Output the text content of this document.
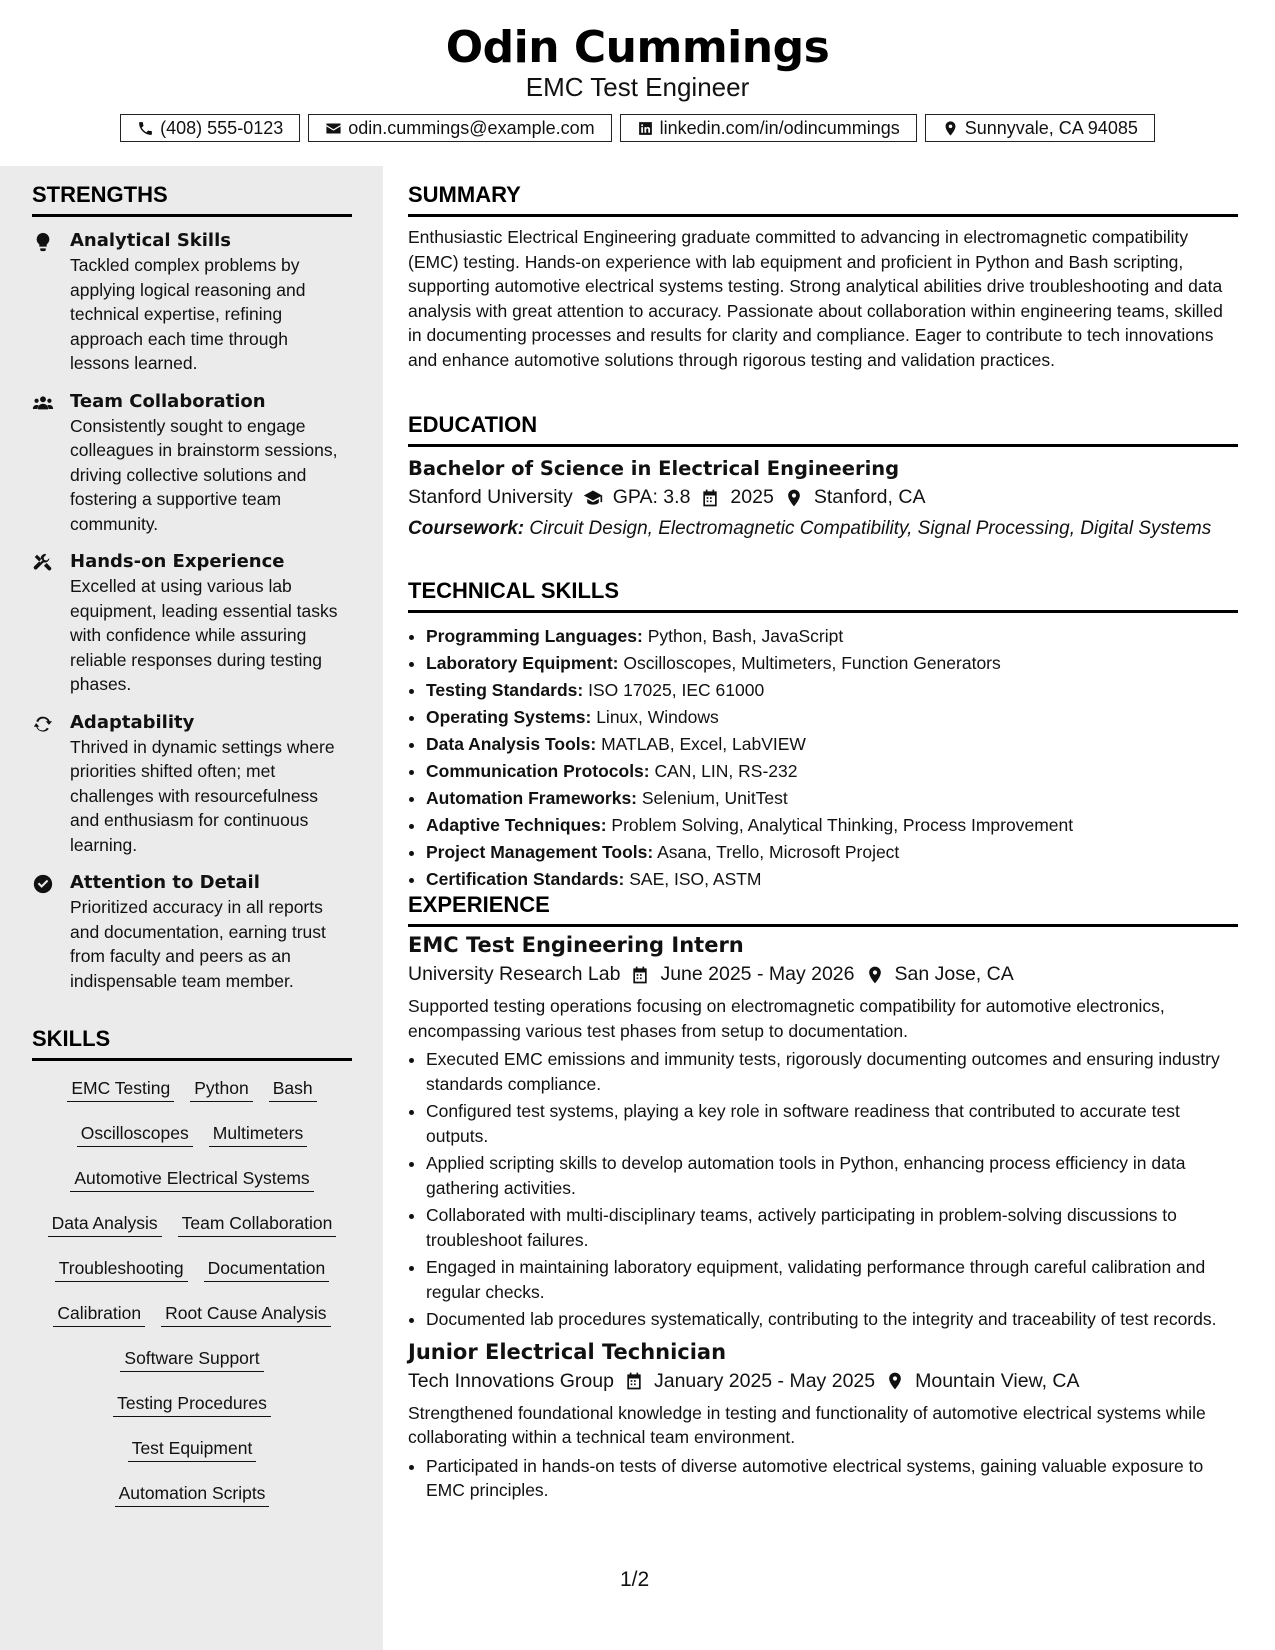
Odin Cummings
EMC Test Engineer
(408) 555-0123	odin.cummings@example.com	linkedin.com/in/odincummings	Sunnyvale, CA 94085
STRENGTHS
Analytical Skills
Tackled complex problems by applying logical reasoning and technical expertise, refining approach each time through lessons learned.
Team Collaboration
Consistently sought to engage colleagues in brainstorm sessions, driving collective solutions and fostering a supportive team community.
Hands-on Experience
Excelled at using various lab equipment, leading essential tasks with confidence while assuring reliable responses during testing phases.
Adaptability
Thrived in dynamic settings where priorities shifted often; met challenges with resourcefulness and enthusiasm for continuous learning.
Attention to Detail
Prioritized accuracy in all reports and documentation, earning trust from faculty and peers as an indispensable team member.
SKILLS
EMC Testing Python Bash
Oscilloscopes Multimeters
Automotive Electrical Systems
Data Analysis Team Collaboration
Troubleshooting Documentation
Calibration Root Cause Analysis
Software Support
Testing Procedures
Test Equipment
Automation Scripts
SUMMARY
Enthusiastic Electrical Engineering graduate committed to advancing in electromagnetic compatibility (EMC) testing. Hands-on experience with lab equipment and proficient in Python and Bash scripting, supporting automotive electrical systems testing. Strong analytical abilities drive troubleshooting and data analysis with great attention to accuracy. Passionate about collaboration within engineering teams, skilled in documenting processes and results for clarity and compliance. Eager to contribute to tech innovations and enhance automotive solutions through rigorous testing and validation practices.
EDUCATION
Bachelor of Science in Electrical Engineering
Stanford University GPA: 3.8 2025 Stanford, CA
Coursework: Circuit Design, Electromagnetic Compatibility, Signal Processing, Digital Systems
TECHNICAL SKILLS
• Programming Languages: Python, Bash, JavaScript
• Laboratory Equipment: Oscilloscopes, Multimeters, Function Generators
• Testing Standards: ISO 17025, IEC 61000
• Operating Systems: Linux, Windows
• Data Analysis Tools: MATLAB, Excel, LabVIEW
• Communication Protocols: CAN, LIN, RS-232
• Automation Frameworks: Selenium, UnitTest
• Adaptive Techniques: Problem Solving, Analytical Thinking, Process Improvement
• Project Management Tools: Asana, Trello, Microsoft Project
• Certification Standards: SAE, ISO, ASTM
EXPERIENCE
EMC Test Engineering Intern
University Research Lab June 2025 - May 2026 San Jose, CA
Supported testing operations focusing on electromagnetic compatibility for automotive electronics, encompassing various test phases from setup to documentation.
• Executed EMC emissions and immunity tests, rigorously documenting outcomes and ensuring industry standards compliance.
• Configured test systems, playing a key role in software readiness that contributed to accurate test outputs.
• Applied scripting skills to develop automation tools in Python, enhancing process efficiency in data gathering activities.
• Collaborated with multi-disciplinary teams, actively participating in problem-solving discussions to troubleshoot failures.
• Engaged in maintaining laboratory equipment, validating performance through careful calibration and regular checks.
• Documented lab procedures systematically, contributing to the integrity and traceability of test records.
Junior Electrical Technician
Tech Innovations Group January 2025 - May 2025 Mountain View, CA
Strengthened foundational knowledge in testing and functionality of automotive electrical systems while collaborating within a technical team environment.
• Participated in hands-on tests of diverse automotive electrical systems, gaining valuable exposure to EMC principles.
1/2
